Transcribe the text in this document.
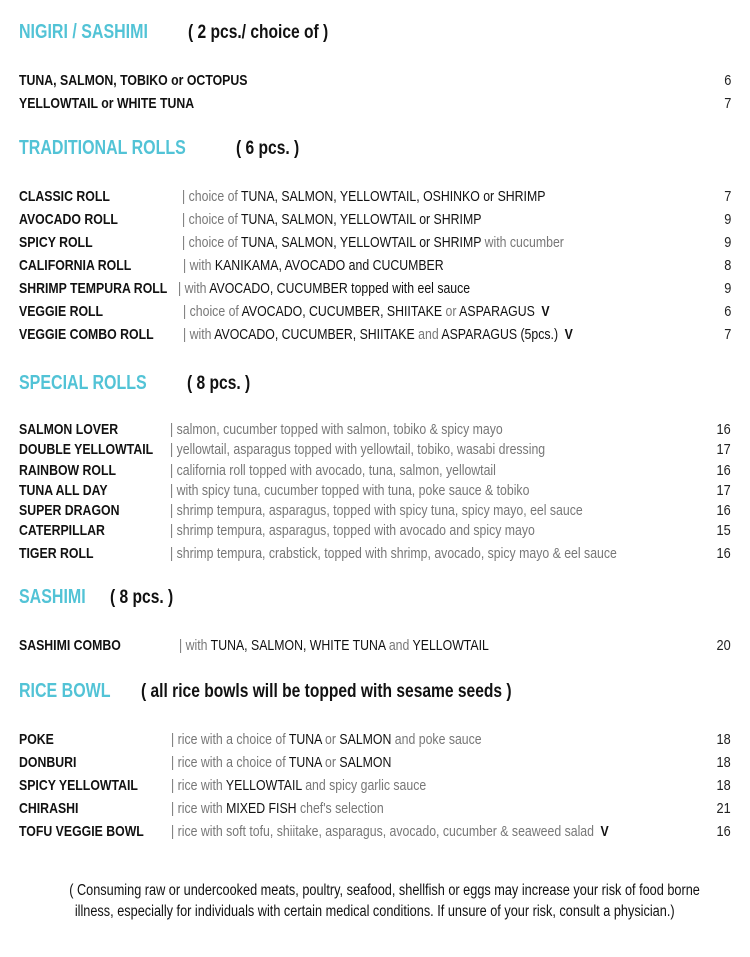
NIGIRI / SASHIMI ( 2 pcs./ choice of )
TUNA, SALMON, TOBIKO or OCTOPUS	6
YELLOWTAIL or WHITE TUNA	7
TRADITIONAL ROLLS	( 6 pcs. )
CLASSIC ROLL	| choice of TUNA, SALMON, YELLOWTAIL, OSHINKO or SHRIMP	7
AVOCADO ROLL	| choice of TUNA, SALMON, YELLOWTAIL or SHRIMP	9
SPICY ROLL	| choice of TUNA, SALMON, YELLOWTAIL or SHRIMP with cucumber	9
CALIFORNIA ROLL	| with KANIKAMA, AVOCADO and CUCUMBER	8
SHRIMP TEMPURA ROLL | with AVOCADO, CUCUMBER topped with eel sauce	9
VEGGIE ROLL	| choice of AVOCADO, CUCUMBER, SHIITAKE or ASPARAGUS V	6
VEGGIE COMBO ROLL | with AVOCADO, CUCUMBER, SHIITAKE and ASPARAGUS (5pcs.) V	7
SPECIAL ROLLS ( 8 pcs. )
SALMON LOVER	| salmon, cucumber topped with salmon, tobiko & spicy mayo	16
DOUBLE YELLOWTAIL | yellowtail, asparagus topped with yellowtail, tobiko, wasabi dressing	17
RAINBOW ROLL	| california roll topped with avocado, tuna, salmon, yellowtail	16
TUNA ALL DAY	| with spicy tuna, cucumber topped with tuna, poke sauce & tobiko	17
SUPER DRAGON	| shrimp tempura, asparagus, topped with spicy tuna, spicy mayo, eel sauce	16
CATERPILLAR	| shrimp tempura, asparagus, topped with avocado and spicy mayo	15
TIGER ROLL	| shrimp tempura, crabstick, topped with shrimp, avocado, spicy mayo & eel sauce	16
SASHIMI ( 8 pcs. )
SASHIMI COMBO	| with TUNA, SALMON, WHITE TUNA and YELLOWTAIL	20
RICE BOWL ( all rice bowls will be topped with sesame seeds )
POKE	| rice with a choice of TUNA or SALMON and poke sauce	18
DONBURI	| rice with a choice of TUNA or SALMON	18
SPICY YELLOWTAIL | rice with YELLOWTAIL and spicy garlic sauce	18
CHIRASHI	| rice with MIXED FISH chef's selection	21
TOFU VEGGIE BOWL | rice with soft tofu, shiitake, asparagus, avocado, cucumber & seaweed salad V	16
( Consuming raw or undercooked meats, poultry, seafood, shellfish or eggs may increase your risk of food borne
illness, especially for individuals with certain medical conditions. If unsure of your risk, consult a physician.)
